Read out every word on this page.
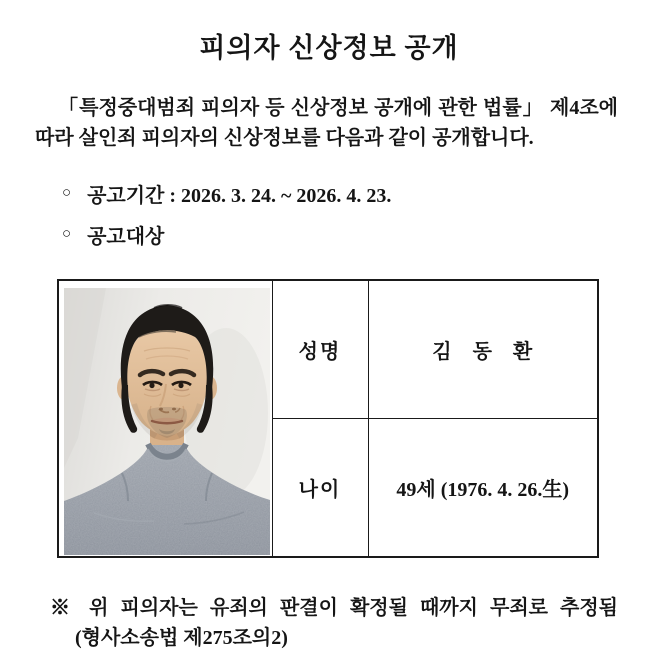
피의자 신상정보 공개
「특정중대범죄 피의자 등 신상정보 공개에 관한 법률」 제4조에
따라 살인죄 피의자의 신상정보를 다음과 같이 공개합니다.
○ 공고기간 : 2026. 3. 24. ~ 2026. 4. 23.
○ 공고대상
	성명	김 동 환
	나이	49세 (1976. 4. 26.生)
※ 위 피의자는 유죄의 판결이 확정될 때까지 무죄로 추정됨
(형사소송법 제275조의2)
